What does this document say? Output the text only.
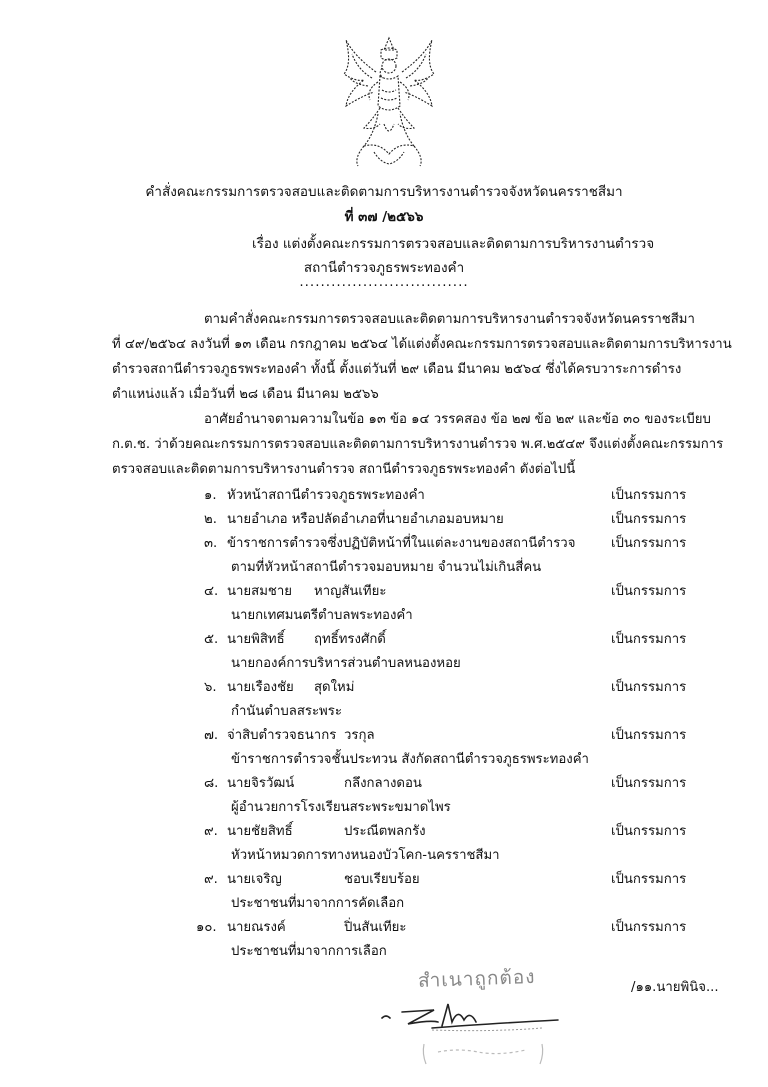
คำสั่งคณะกรรมการตรวจสอบและติดตามการบริหารงานตำรวจจังหวัดนครราชสีมา
ที่ ๓๗ /๒๕๖๖
เรื่อง แต่งตั้งคณะกรรมการตรวจสอบและติดตามการบริหารงานตำรวจ
สถานีตำรวจภูธรพระทองคำ
................................
ตามคำสั่งคณะกรรมการตรวจสอบและติดตามการบริหารงานตำรวจจังหวัดนครราชสีมา
ที่ ๔๙/๒๕๖๔ ลงวันที่ ๑๓ เดือน กรกฎาคม ๒๕๖๔ ได้แต่งตั้งคณะกรรมการตรวจสอบและติดตามการบริหารงาน
ตำรวจสถานีตำรวจภูธรพระทองคำ ทั้งนี้ ตั้งแต่วันที่ ๒๙ เดือน มีนาคม ๒๕๖๔ ซึ่งได้ครบวาระการดำรง
ตำแหน่งแล้ว เมื่อวันที่ ๒๘ เดือน มีนาคม ๒๕๖๖
อาศัยอำนาจตามความในข้อ ๑๓ ข้อ ๑๔ วรรคสอง ข้อ ๒๗ ข้อ ๒๙ และข้อ ๓๐ ของระเบียบ
ก.ต.ช. ว่าด้วยคณะกรรมการตรวจสอบและติดตามการบริหารงานตำรวจ พ.ศ.๒๕๔๙ จึงแต่งตั้งคณะกรรมการ
ตรวจสอบและติดตามการบริหารงานตำรวจ สถานีตำรวจภูธรพระทองคำ ดังต่อไปนี้
๑. หัวหน้าสถานีตำรวจภูธรพระทองคำ	เป็นกรรมการ
๒. นายอำเภอ หรือปลัดอำเภอที่นายอำเภอมอบหมาย	เป็นกรรมการ
๓. ข้าราชการตำรวจซึ่งปฏิบัติหน้าที่ในแต่ละงานของสถานีตำรวจ	เป็นกรรมการ
ตามที่หัวหน้าสถานีตำรวจมอบหมาย จำนวนไม่เกินสี่คน
๔. นายสมชาย หาญสันเทียะ	เป็นกรรมการ
นายกเทศมนตรีตำบลพระทองคำ
๕. นายพิสิทธิ์ ฤทธิ์ทรงศักดิ์	เป็นกรรมการ
นายกองค์การบริหารส่วนตำบลหนองหอย
๖. นายเรืองชัย สุดใหม่	เป็นกรรมการ
กำนันตำบลสระพระ
๗. จ่าสิบตำรวจธนากร วรกุล	เป็นกรรมการ
ข้าราชการตำรวจชั้นประทวน สังกัดสถานีตำรวจภูธรพระทองคำ
๘. นายจิรวัฒน์	กลึงกลางดอน	เป็นกรรมการ
ผู้อำนวยการโรงเรียนสระพระขมาดไพร
๙. นายชัยสิทธิ์	ประณีตพลกรัง	เป็นกรรมการ
หัวหน้าหมวดการทางหนองบัวโคก-นครราชสีมา
๙. นายเจริญ	ชอบเรียบร้อย	เป็นกรรมการ
ประชาชนที่มาจากการคัดเลือก
๑๐. นายณรงค์	ปิ่นสันเทียะ	เป็นกรรมการ
ประชาชนที่มาจากการเลือก
สำเนาถูกต้อง	/๑๑.นายพินิจ...
